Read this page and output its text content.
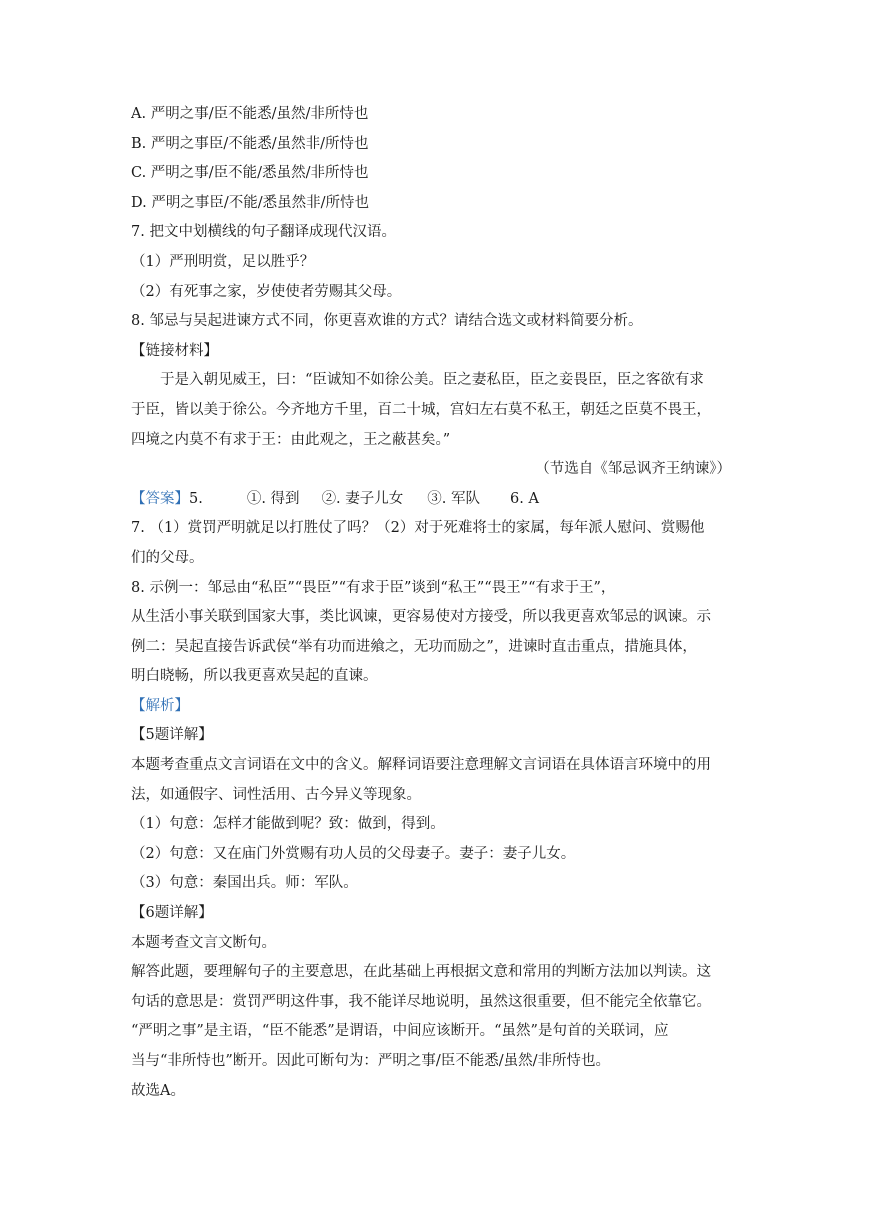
A. 严明之事/臣不能悉/虽然/非所恃也
B. 严明之事臣/不能悉/虽然非/所恃也
C. 严明之事/臣不能/悉虽然/非所恃也
D. 严明之事臣/不能/悉虽然非/所恃也
7. 把文中划横线的句子翻译成现代汉语。
（1）严刑明赏，足以胜乎？
（2）有死事之家，岁使使者劳赐其父母。
8. 邹忌与吴起进谏方式不同，你更喜欢谁的方式？请结合选文或材料简要分析。
【链接材料】
于是入朝见威王，曰：“臣诚知不如徐公美。臣之妻私臣，臣之妾畏臣，臣之客欲有求
于臣，皆以美于徐公。今齐地方千里，百二十城，宫妇左右莫不私王，朝廷之臣莫不畏王，
四境之内莫不有求于王：由此观之，王之蔽甚矣。”
（节选自《邹忌讽齐王纳谏》）
【答案】5.	①. 得到 ②. 妻子儿女 ③. 军队 6. A
7. （1）赏罚严明就足以打胜仗了吗？（2）对于死难将士的家属，每年派人慰问、赏赐他
们的父母。
8. 示例一：邹忌由“私臣”“畏臣”“有求于臣”谈到“私王”“畏王”“有求于王”，
从生活小事关联到国家大事，类比讽谏，更容易使对方接受，所以我更喜欢邹忌的讽谏。示
例二：吴起直接告诉武侯“举有功而进飨之，无功而励之”，进谏时直击重点，措施具体，
明白晓畅，所以我更喜欢吴起的直谏。
【解析】
【5题详解】
本题考查重点文言词语在文中的含义。解释词语要注意理解文言词语在具体语言环境中的用
法，如通假字、词性活用、古今异义等现象。
（1）句意：怎样才能做到呢？致：做到，得到。
（2）句意：又在庙门外赏赐有功人员的父母妻子。妻子：妻子儿女。
（3）句意：秦国出兵。师：军队。
【6题详解】
本题考查文言文断句。
解答此题，要理解句子的主要意思，在此基础上再根据文意和常用的判断方法加以判读。这
句话的意思是：赏罚严明这件事，我不能详尽地说明，虽然这很重要，但不能完全依靠它。
“严明之事”是主语，“臣不能悉”是谓语，中间应该断开。“虽然”是句首的关联词，应
当与“非所恃也”断开。因此可断句为：严明之事/臣不能悉/虽然/非所恃也。
故选A。
